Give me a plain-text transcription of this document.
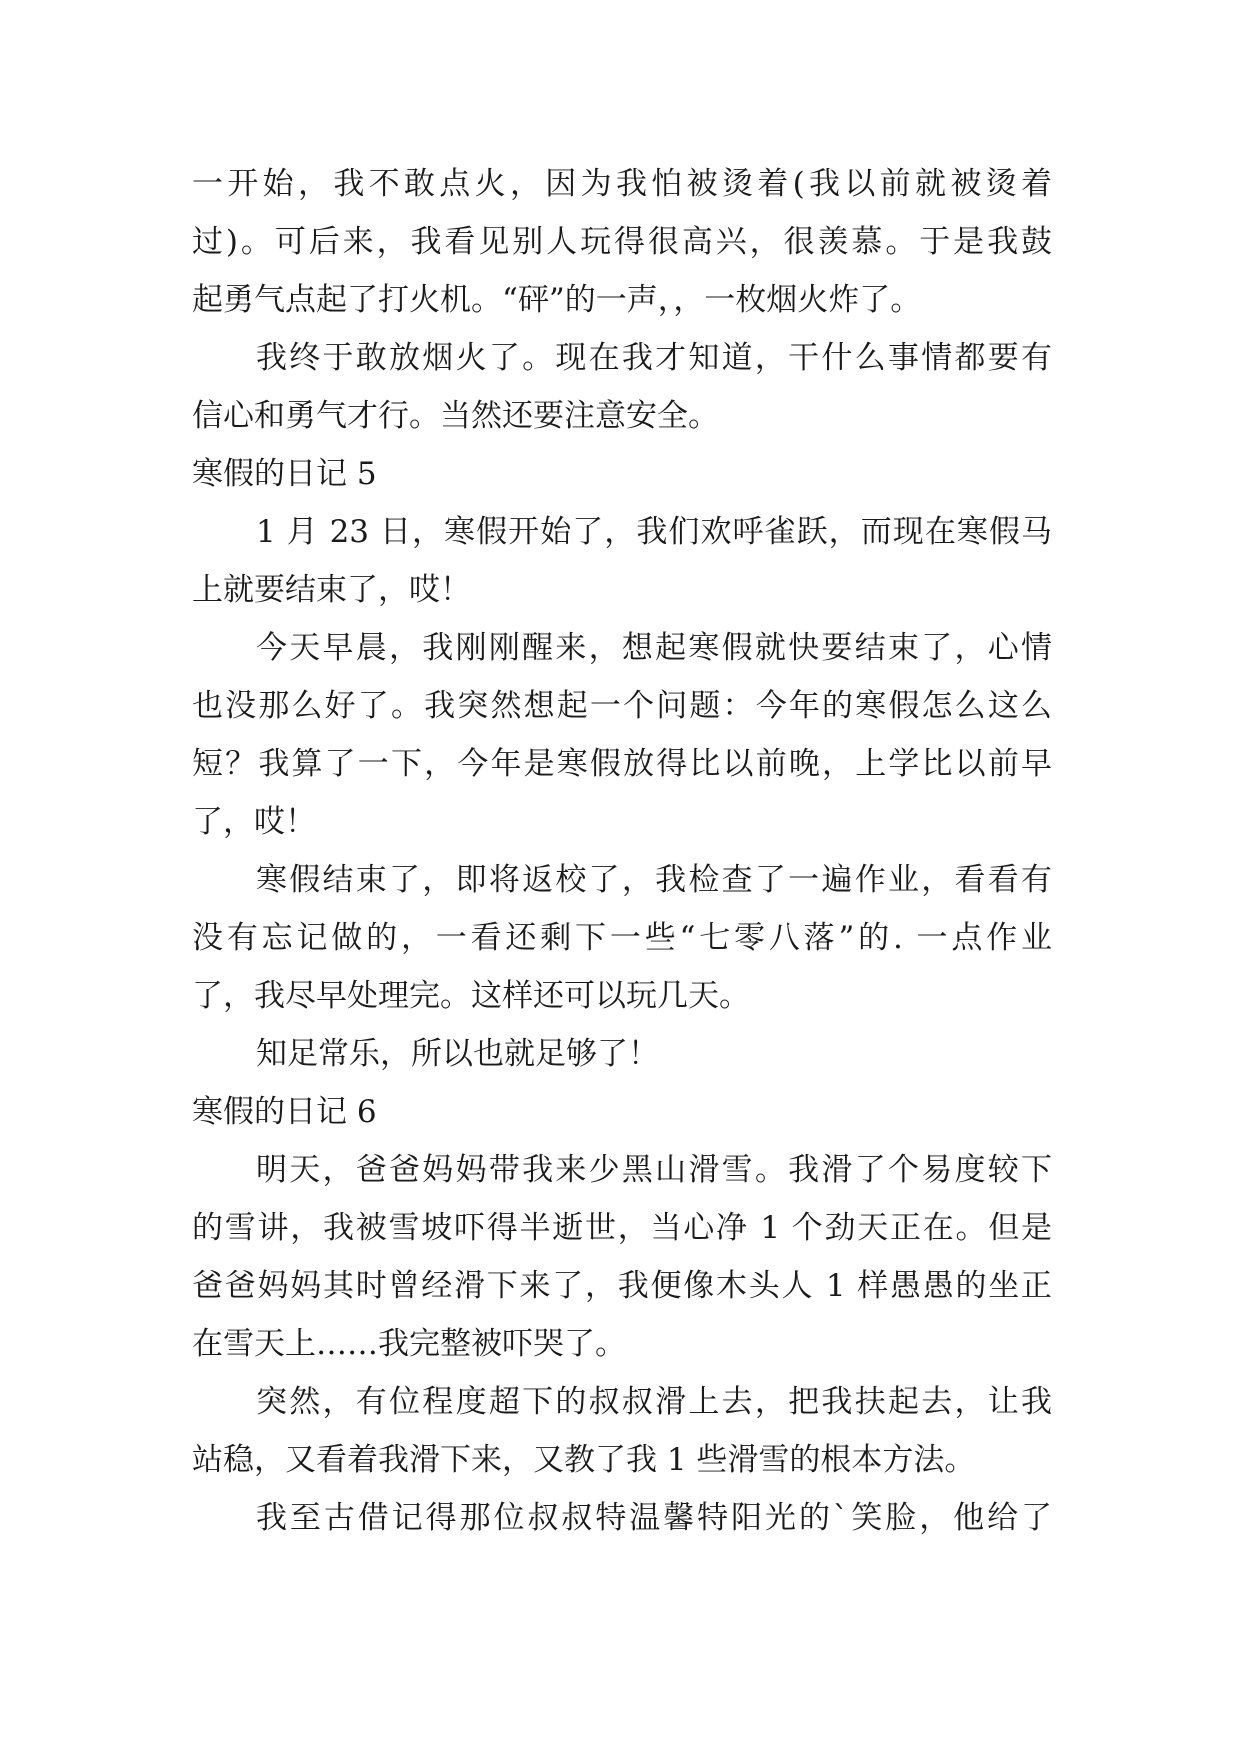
一开始，我不敢点火，因为我怕被烫着(我以前就被烫着
过)。可后来，我看见别人玩得很高兴，很羡慕。于是我鼓
起勇气点起了打火机。“砰”的一声，，一枚烟火炸了。
我终于敢放烟火了。现在我才知道，干什么事情都要有
信心和勇气才行。当然还要注意安全。
寒假的日记 5
1 月 23 日，寒假开始了，我们欢呼雀跃，而现在寒假马
上就要结束了，哎！
今天早晨，我刚刚醒来，想起寒假就快要结束了，心情
也没那么好了。我突然想起一个问题：今年的寒假怎么这么
短？我算了一下，今年是寒假放得比以前晚，上学比以前早
了，哎！
寒假结束了，即将返校了，我检查了一遍作业，看看有
没有忘记做的，一看还剩下一些“七零八落”的. 一点作业
了，我尽早处理完。这样还可以玩几天。
知足常乐，所以也就足够了！
寒假的日记 6
明天，爸爸妈妈带我来少黑山滑雪。我滑了个易度较下
的雪讲，我被雪坡吓得半逝世，当心净 1 个劲天正在。但是
爸爸妈妈其时曾经滑下来了，我便像木头人 1 样愚愚的坐正
在雪天上……我完整被吓哭了。
突然，有位程度超下的叔叔滑上去，把我扶起去，让我
站稳，又看着我滑下来，又教了我 1 些滑雪的根本方法。
我至古借记得那位叔叔特温馨特阳光的`笑脸，他给了
